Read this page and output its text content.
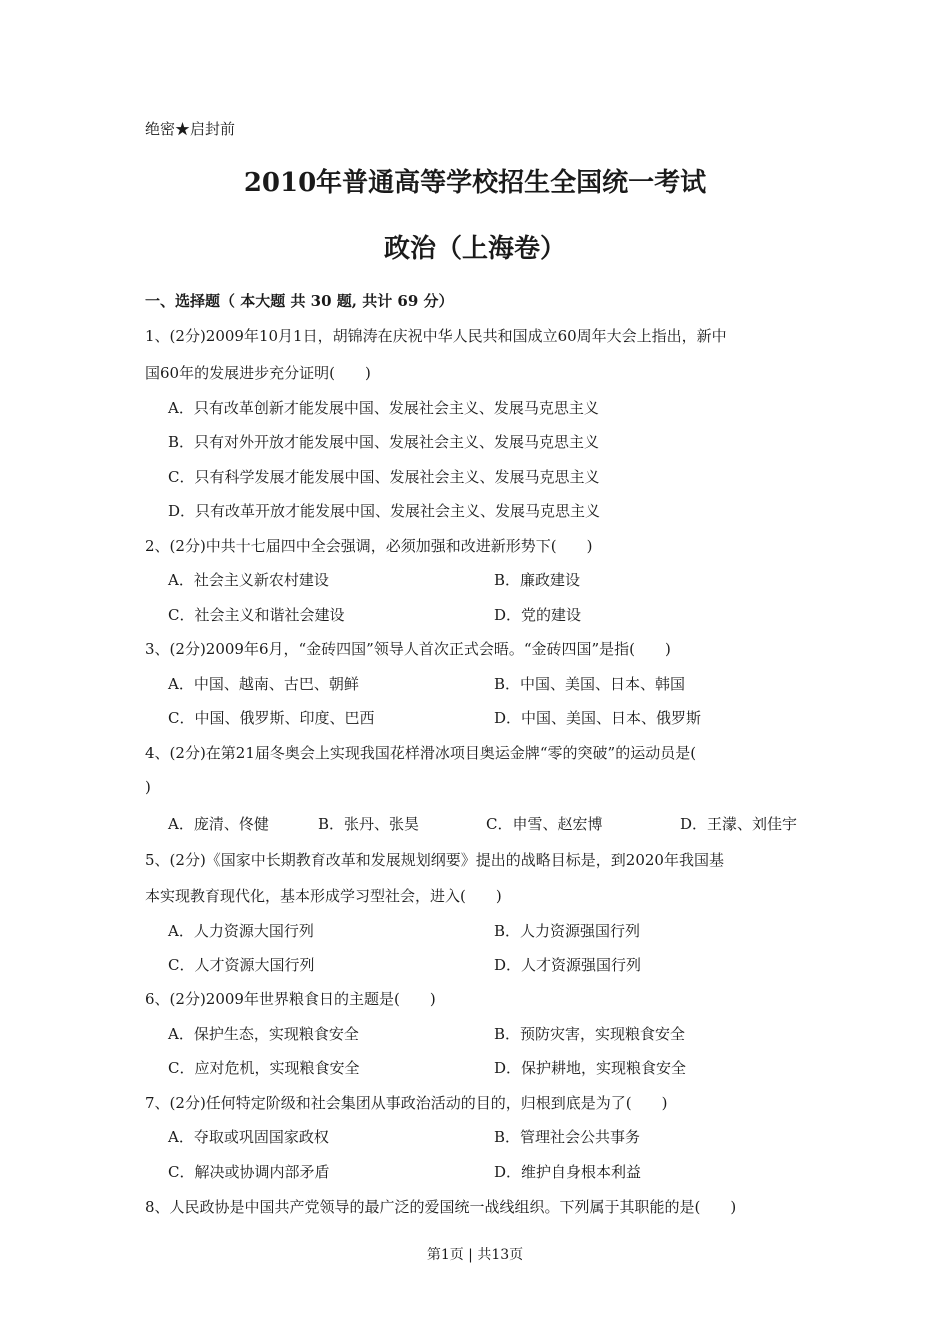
绝密★启封前
2010年普通高等学校招生全国统一考试
政治（上海卷）
一、选择题（ 本大题 共 30 题, 共计 69 分）
1、(2分)2009年10月1日，胡锦涛在庆祝中华人民共和国成立60周年大会上指出，新中
国60年的发展进步充分证明(　　)
A．只有改革创新才能发展中国、发展社会主义、发展马克思主义
B．只有对外开放才能发展中国、发展社会主义、发展马克思主义
C．只有科学发展才能发展中国、发展社会主义、发展马克思主义
D．只有改革开放才能发展中国、发展社会主义、发展马克思主义
2、(2分)中共十七届四中全会强调，必须加强和改进新形势下(　　)
A．社会主义新农村建设	B．廉政建设
C．社会主义和谐社会建设	D．党的建设
3、(2分)2009年6月，“金砖四国”领导人首次正式会晤。“金砖四国”是指(　　)
A．中国、越南、古巴、朝鲜	B．中国、美国、日本、韩国
C．中国、俄罗斯、印度、巴西	D．中国、美国、日本、俄罗斯
4、(2分)在第21届冬奥会上实现我国花样滑冰项目奥运金牌“零的突破”的运动员是(
)
A．庞清、佟健	B．张丹、张昊	C．申雪、赵宏博	D．王濛、刘佳宇
5、(2分)《国家中长期教育改革和发展规划纲要》提出的战略目标是，到2020年我国基
本实现教育现代化，基本形成学习型社会，进入(　　)
A．人力资源大国行列	B．人力资源强国行列
C．人才资源大国行列	D．人才资源强国行列
6、(2分)2009年世界粮食日的主题是(　　)
A．保护生态，实现粮食安全	B．预防灾害，实现粮食安全
C．应对危机，实现粮食安全	D．保护耕地，实现粮食安全
7、(2分)任何特定阶级和社会集团从事政治活动的目的，归根到底是为了(　　)
A．夺取或巩固国家政权	B．管理社会公共事务
C．解决或协调内部矛盾	D．维护自身根本利益
8、人民政协是中国共产党领导的最广泛的爱国统一战线组织。下列属于其职能的是(　　)
第1页 | 共13页
